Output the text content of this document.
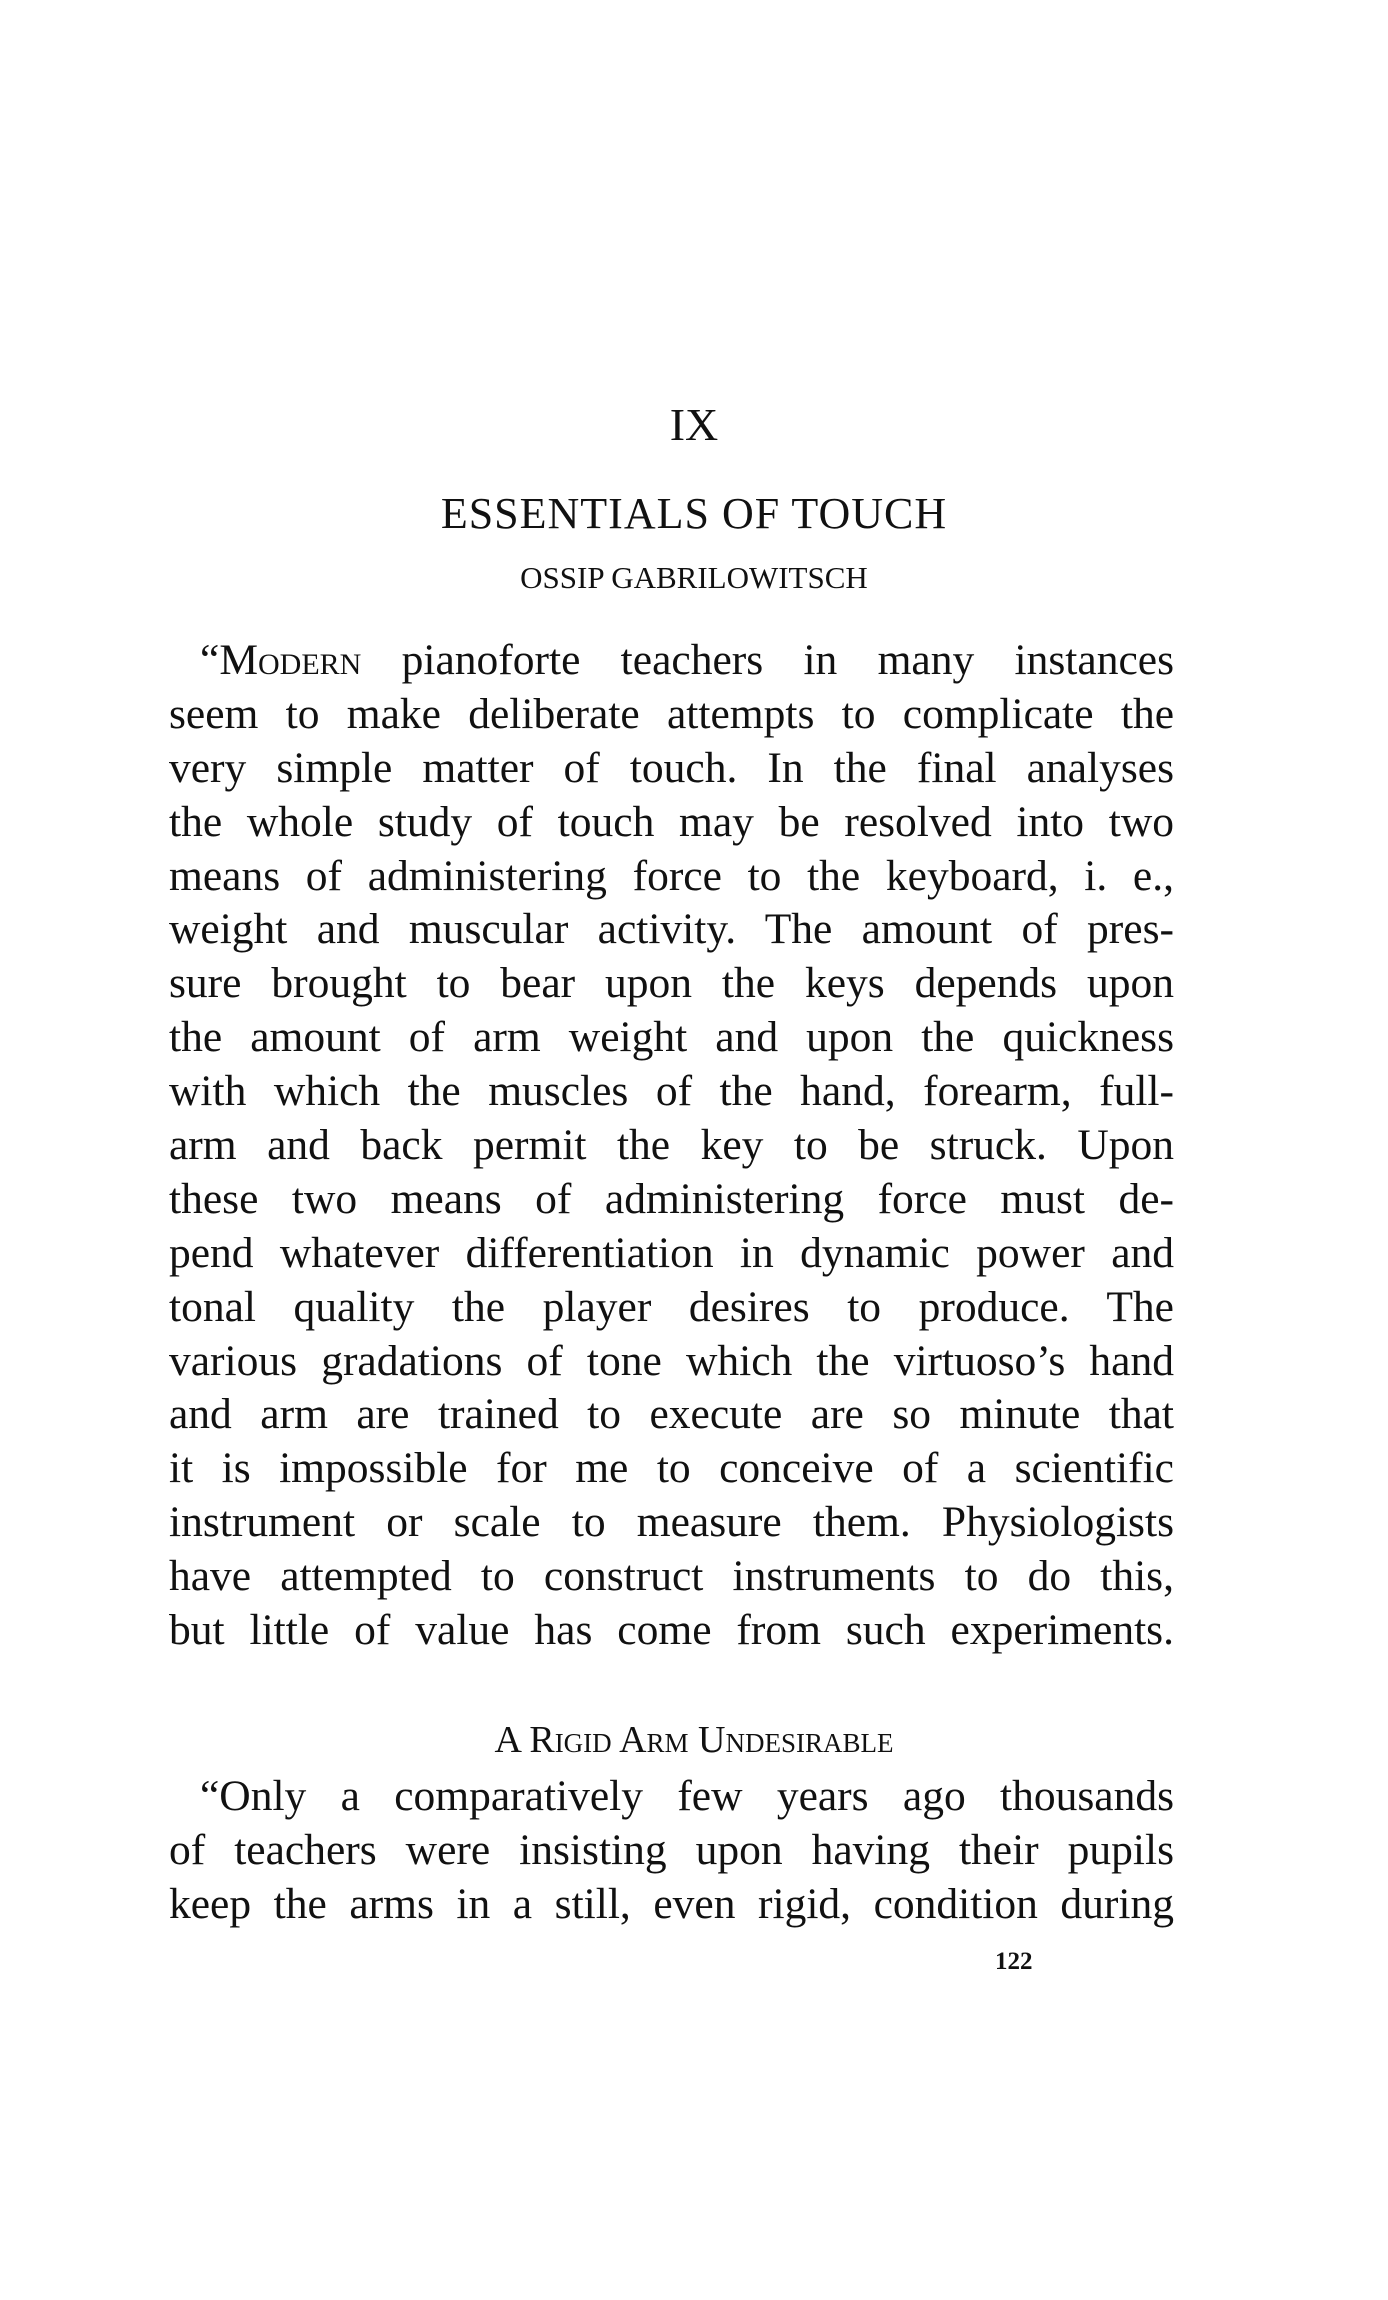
IX
ESSENTIALS OF TOUCH
OSSIP GABRILOWITSCH
“Modern pianoforte teachers in many instances
seem to make deliberate attempts to complicate the
very simple matter of touch. In the final analyses
the whole study of touch may be resolved into two
means of administering force to the keyboard, i. e.,
weight and muscular activity. The amount of pres-
sure brought to bear upon the keys depends upon
the amount of arm weight and upon the quickness
with which the muscles of the hand, forearm, full-
arm and back permit the key to be struck. Upon
these two means of administering force must de-
pend whatever differentiation in dynamic power and
tonal quality the player desires to produce. The
various gradations of tone which the virtuoso’s hand
and arm are trained to execute are so minute that
it is impossible for me to conceive of a scientific
instrument or scale to measure them. Physiologists
have attempted to construct instruments to do this,
but little of value has come from such experiments.
A Rigid Arm Undesirable
“Only a comparatively few years ago thousands
of teachers were insisting upon having their pupils
keep the arms in a still, even rigid, condition during
122
